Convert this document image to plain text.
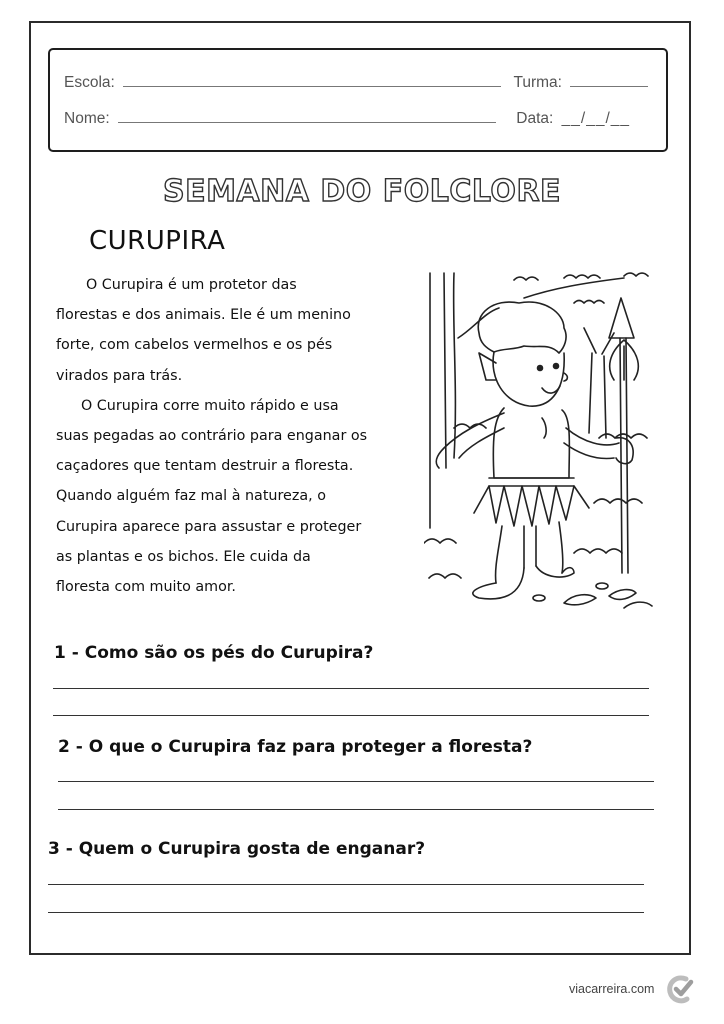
Escola:	Turma:
Nome:	Data: __/__/__
SEMANA DO FOLCLORE
CURUPIRA

O Curupira é um protetor das

florestas e dos animais. Ele é um menino

forte, com cabelos vermelhos e os pés

virados para trás.

O Curupira corre muito rápido e usa

suas pegadas ao contrário para enganar os

caçadores que tentam destruir a floresta.

Quando alguém faz mal à natureza, o

Curupira aparece para assustar e proteger

as plantas e os bichos. Ele cuida da

floresta com muito amor.

1 - Como são os pés do Curupira?
2 - O que o Curupira faz para proteger a floresta?
3 - Quem o Curupira gosta de enganar?
viacarreira.com
